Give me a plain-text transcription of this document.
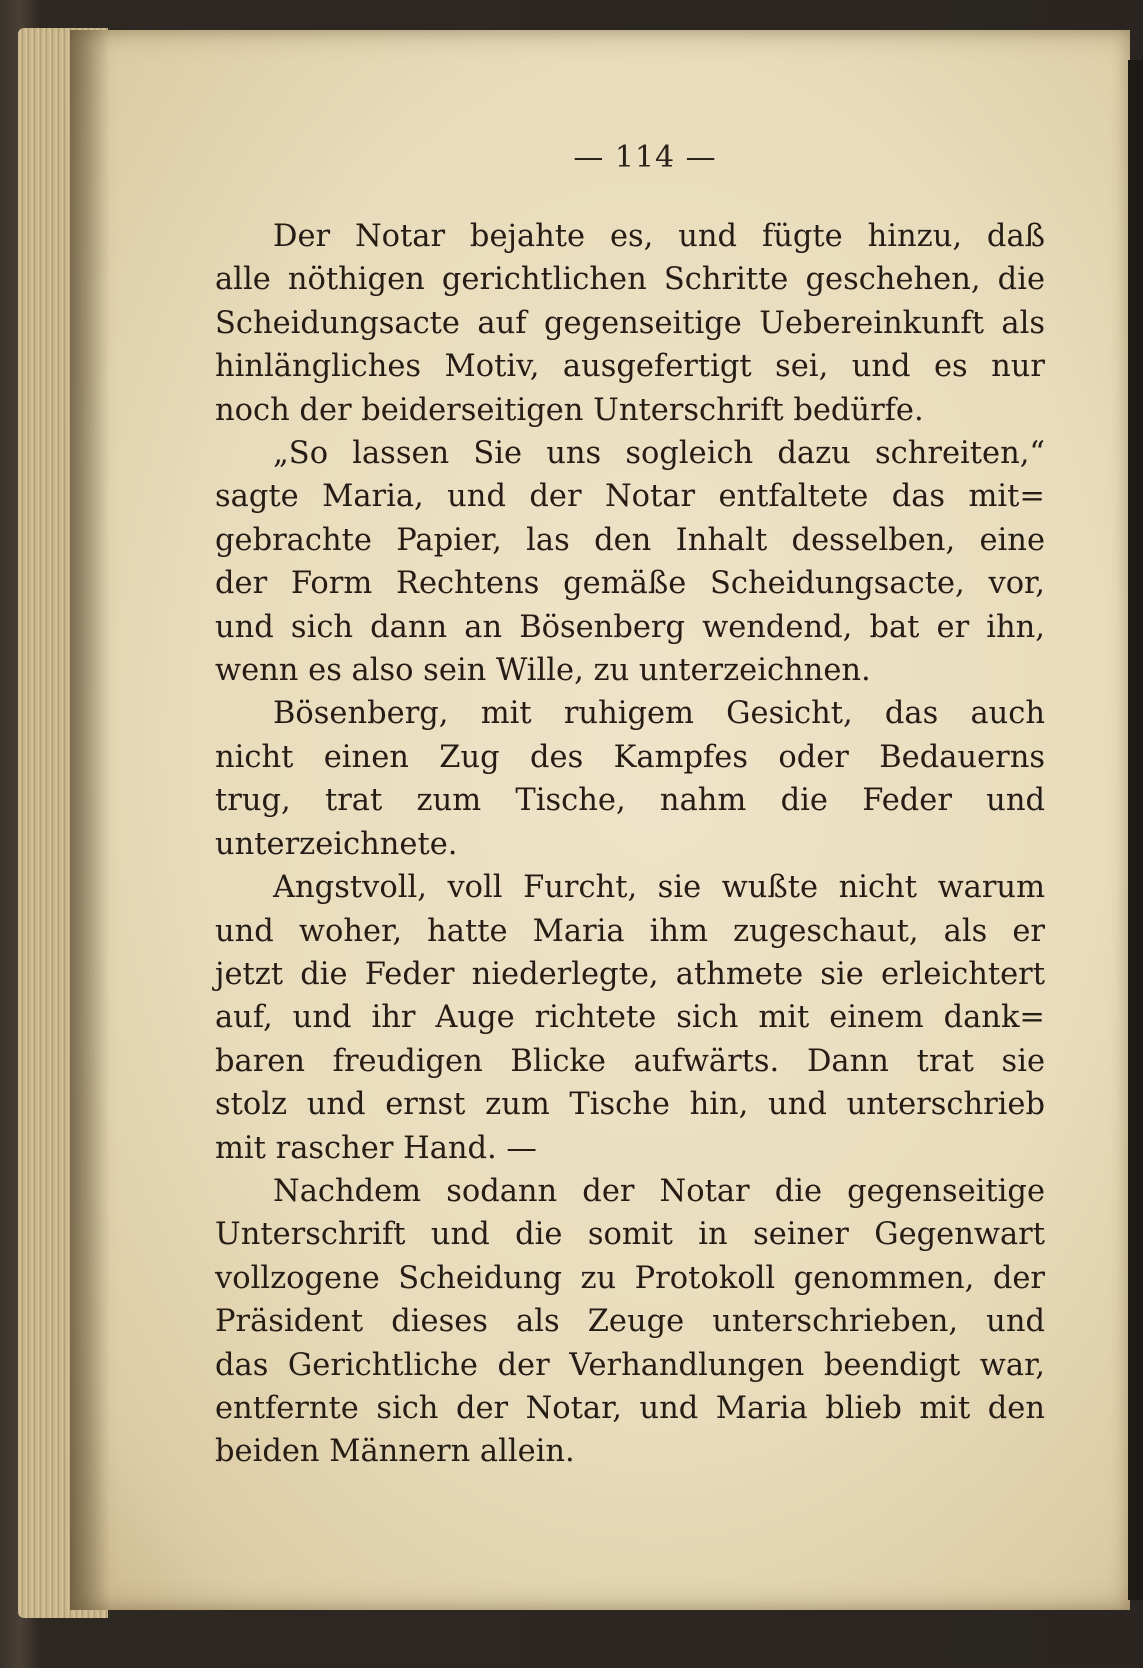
— 114 —
Der Notar bejahte es, und fügte hinzu, daß
alle nöthigen gerichtlichen Schritte geschehen, die
Scheidungsacte auf gegenseitige Uebereinkunft als
hinlängliches Motiv, ausgefertigt sei, und es nur
noch der beiderseitigen Unterschrift bedürfe.
„So lassen Sie uns sogleich dazu schreiten,“
sagte Maria, und der Notar entfaltete das mit=
gebrachte Papier, las den Inhalt desselben, eine
der Form Rechtens gemäße Scheidungsacte, vor,
und sich dann an Bösenberg wendend, bat er ihn,
wenn es also sein Wille, zu unterzeichnen.
Bösenberg, mit ruhigem Gesicht, das auch
nicht einen Zug des Kampfes oder Bedauerns
trug, trat zum Tische, nahm die Feder und
unterzeichnete.
Angstvoll, voll Furcht, sie wußte nicht warum
und woher, hatte Maria ihm zugeschaut, als er
jetzt die Feder niederlegte, athmete sie erleichtert
auf, und ihr Auge richtete sich mit einem dank=
baren freudigen Blicke aufwärts. Dann trat sie
stolz und ernst zum Tische hin, und unterschrieb
mit rascher Hand. —
Nachdem sodann der Notar die gegenseitige
Unterschrift und die somit in seiner Gegenwart
vollzogene Scheidung zu Protokoll genommen, der
Präsident dieses als Zeuge unterschrieben, und
das Gerichtliche der Verhandlungen beendigt war,
entfernte sich der Notar, und Maria blieb mit den
beiden Männern allein.
